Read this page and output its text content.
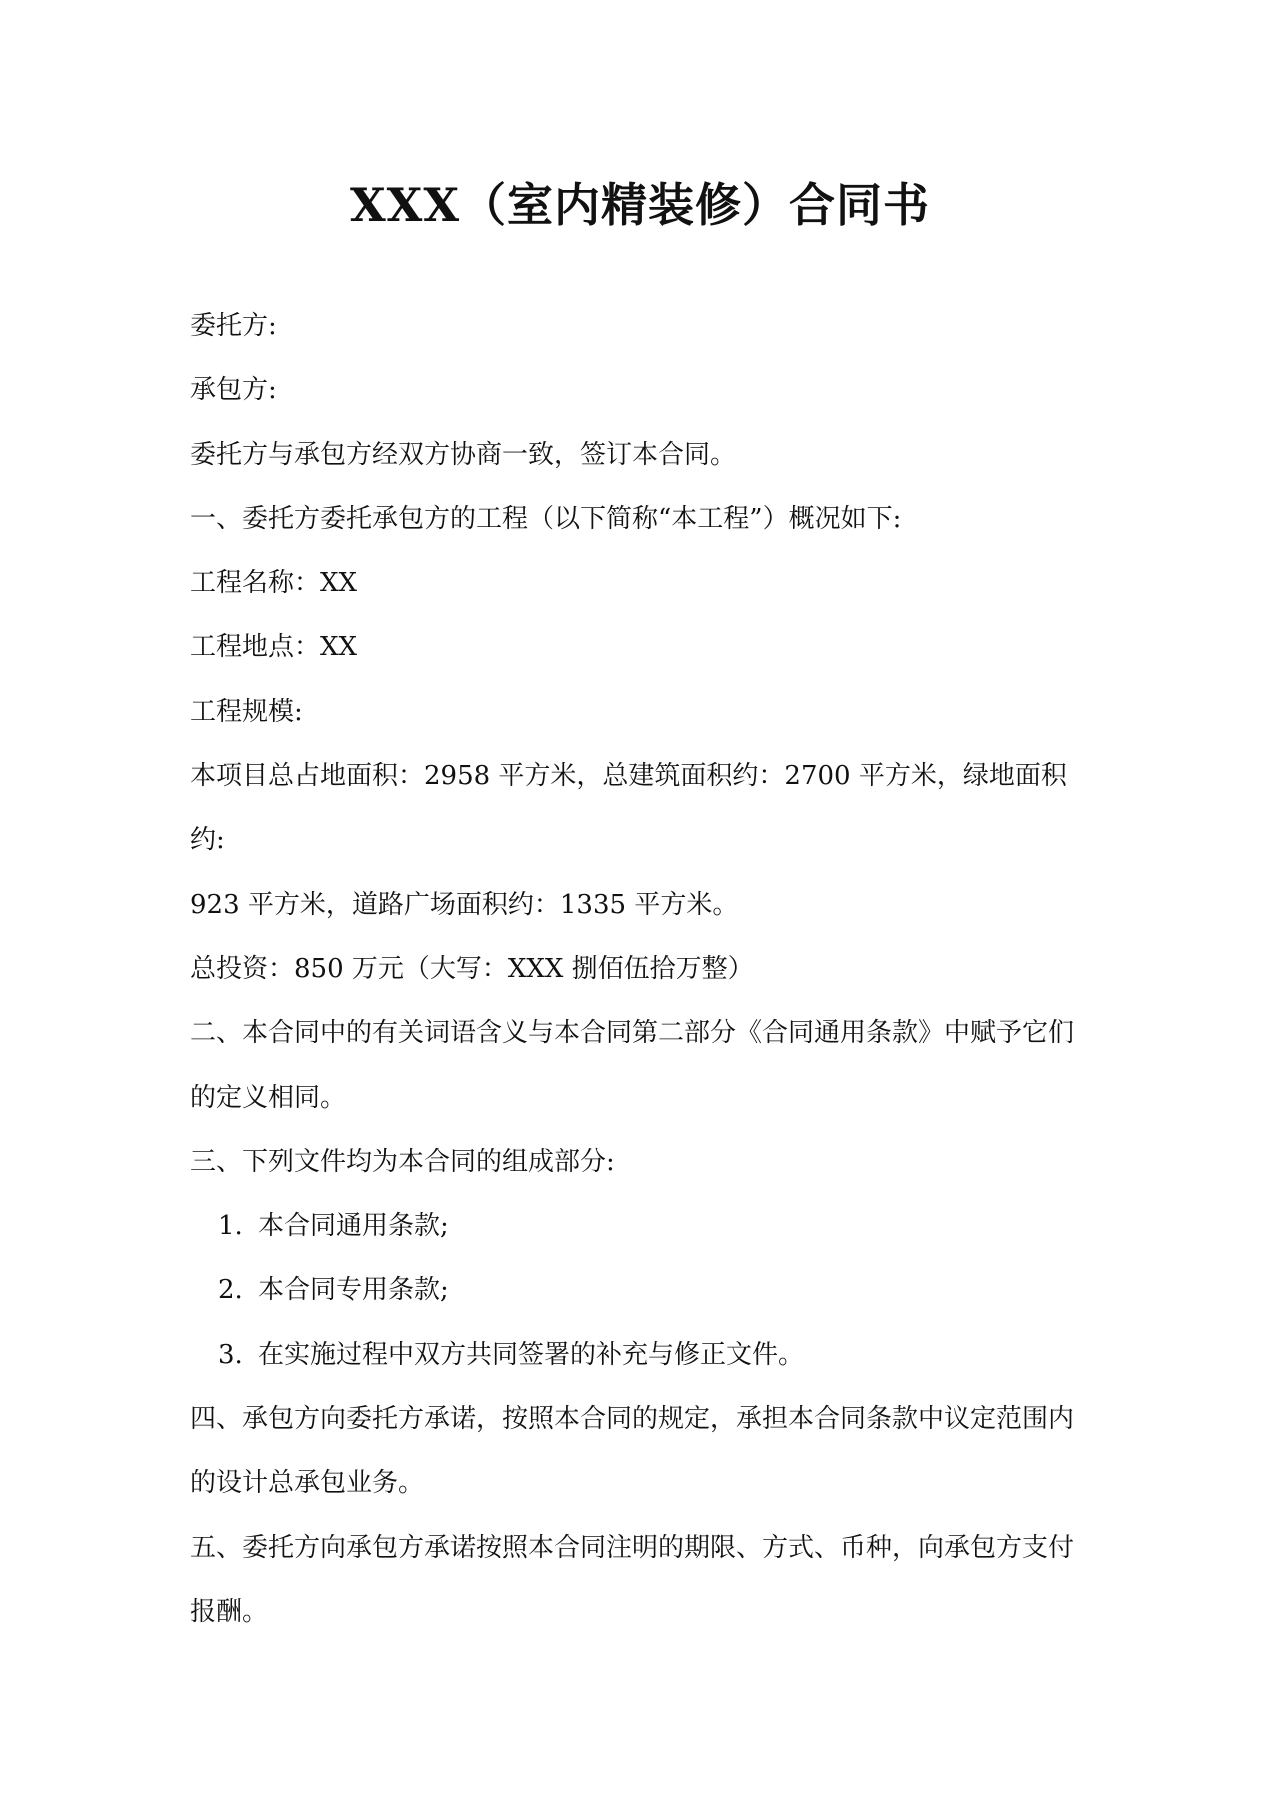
XXX（室内精装修）合同书

委托方:

承包方:

委托方与承包方经双方协商一致，签订本合同。

一、委托方委托承包方的工程（以下简称“本工程”）概况如下:

工程名称：XX

工程地点：XX

工程规模:

本项目总占地面积：2958 平方米，总建筑面积约：2700 平方米，绿地面积

约:

923 平方米，道路广场面积约：1335 平方米。

总投资：850 万元（大写：XXX 捌佰伍拾万整）

二、本合同中的有关词语含义与本合同第二部分《合同通用条款》中赋予它们

的定义相同。

三、下列文件均为本合同的组成部分:

1. 本合同通用条款;

2. 本合同专用条款;

3. 在实施过程中双方共同签署的补充与修正文件。

四、承包方向委托方承诺，按照本合同的规定，承担本合同条款中议定范围内

的设计总承包业务。

五、委托方向承包方承诺按照本合同注明的期限、方式、币种，向承包方支付

报酬。
